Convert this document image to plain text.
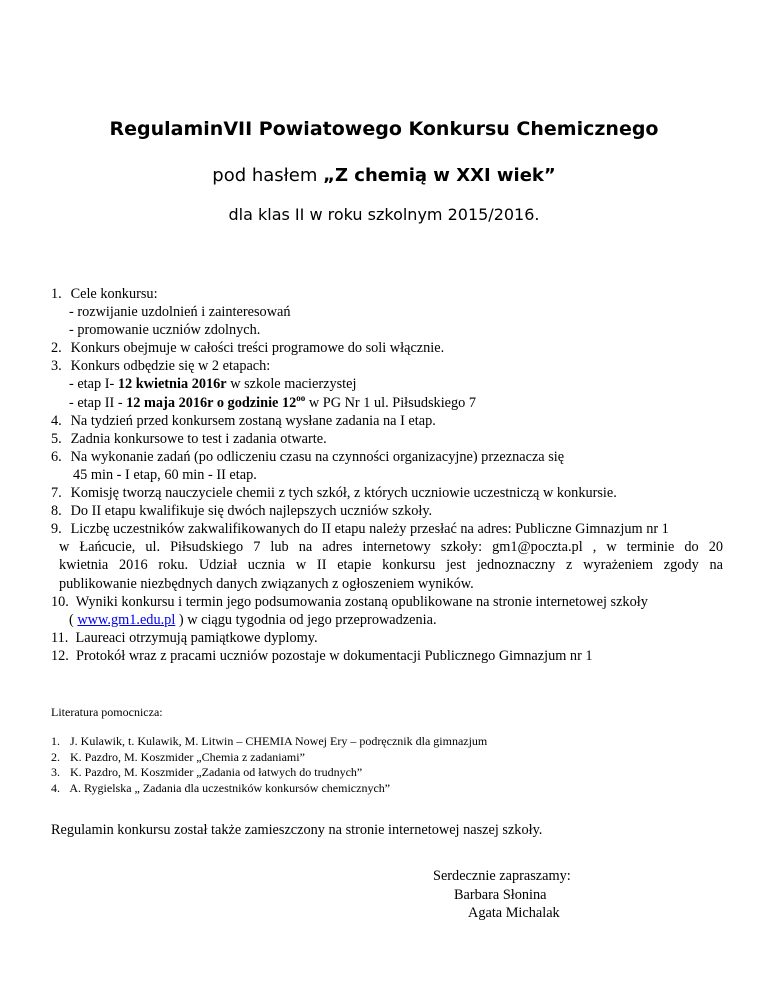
RegulaminVII Powiatowego Konkursu Chemicznego
pod hasłem „Z chemią w XXI wiek”
dla klas II w roku szkolnym 2015/2016.
1. Cele konkursu:
- rozwijanie uzdolnień i zainteresowań
- promowanie uczniów zdolnych.
2. Konkurs obejmuje w całości treści programowe do soli włącznie.
3. Konkurs odbędzie się w 2 etapach:
- etap I- 12 kwietnia 2016r w szkole macierzystej
- etap II - 12 maja 2016r o godzinie $12^{oo}$ w PG Nr 1 ul. Piłsudskiego 7
4. Na tydzień przed konkursem zostaną wysłane zadania na I etap.
5. Zadnia konkursowe to test i zadania otwarte.
6. Na wykonanie zadań (po odliczeniu czasu na czynności organizacyjne) przeznacza się
45 min - I etap, 60 min - II etap.
7. Komisję tworzą nauczyciele chemii z tych szkół, z których uczniowie uczestniczą w konkursie.
8. Do II etapu kwalifikuje się dwóch najlepszych uczniów szkoły.
9. Liczbę uczestników zakwalifikowanych do II etapu należy przesłać na adres: Publiczne Gimnazjum nr 1
w Łańcucie, ul. Piłsudskiego 7 lub na adres internetowy szkoły: gm1@poczta.pl , w terminie do 20
kwietnia 2016 roku. Udział ucznia w II etapie konkursu jest jednoznaczny z wyrażeniem zgody na
publikowanie niezbędnych danych związanych z ogłoszeniem wyników.
10. Wyniki konkursu i termin jego podsumowania zostaną opublikowane na stronie internetowej szkoły
( www.gm1.edu.pl ) w ciągu tygodnia od jego przeprowadzenia.
11. Laureaci otrzymują pamiątkowe dyplomy.
12. Protokół wraz z pracami uczniów pozostaje w dokumentacji Publicznego Gimnazjum nr 1
Literatura pomocnicza:
1. J. Kulawik, t. Kulawik, M. Litwin – CHEMIA Nowej Ery – podręcznik dla gimnazjum
2. K. Pazdro, M. Koszmider „Chemia z zadaniami”
3. K. Pazdro, M. Koszmider „Zadania od łatwych do trudnych”
4. A. Rygielska „ Zadania dla uczestników konkursów chemicznych”
Regulamin konkursu został także zamieszczony na stronie internetowej naszej szkoły.
Serdecznie zapraszamy:
Barbara Słonina
Agata Michalak
